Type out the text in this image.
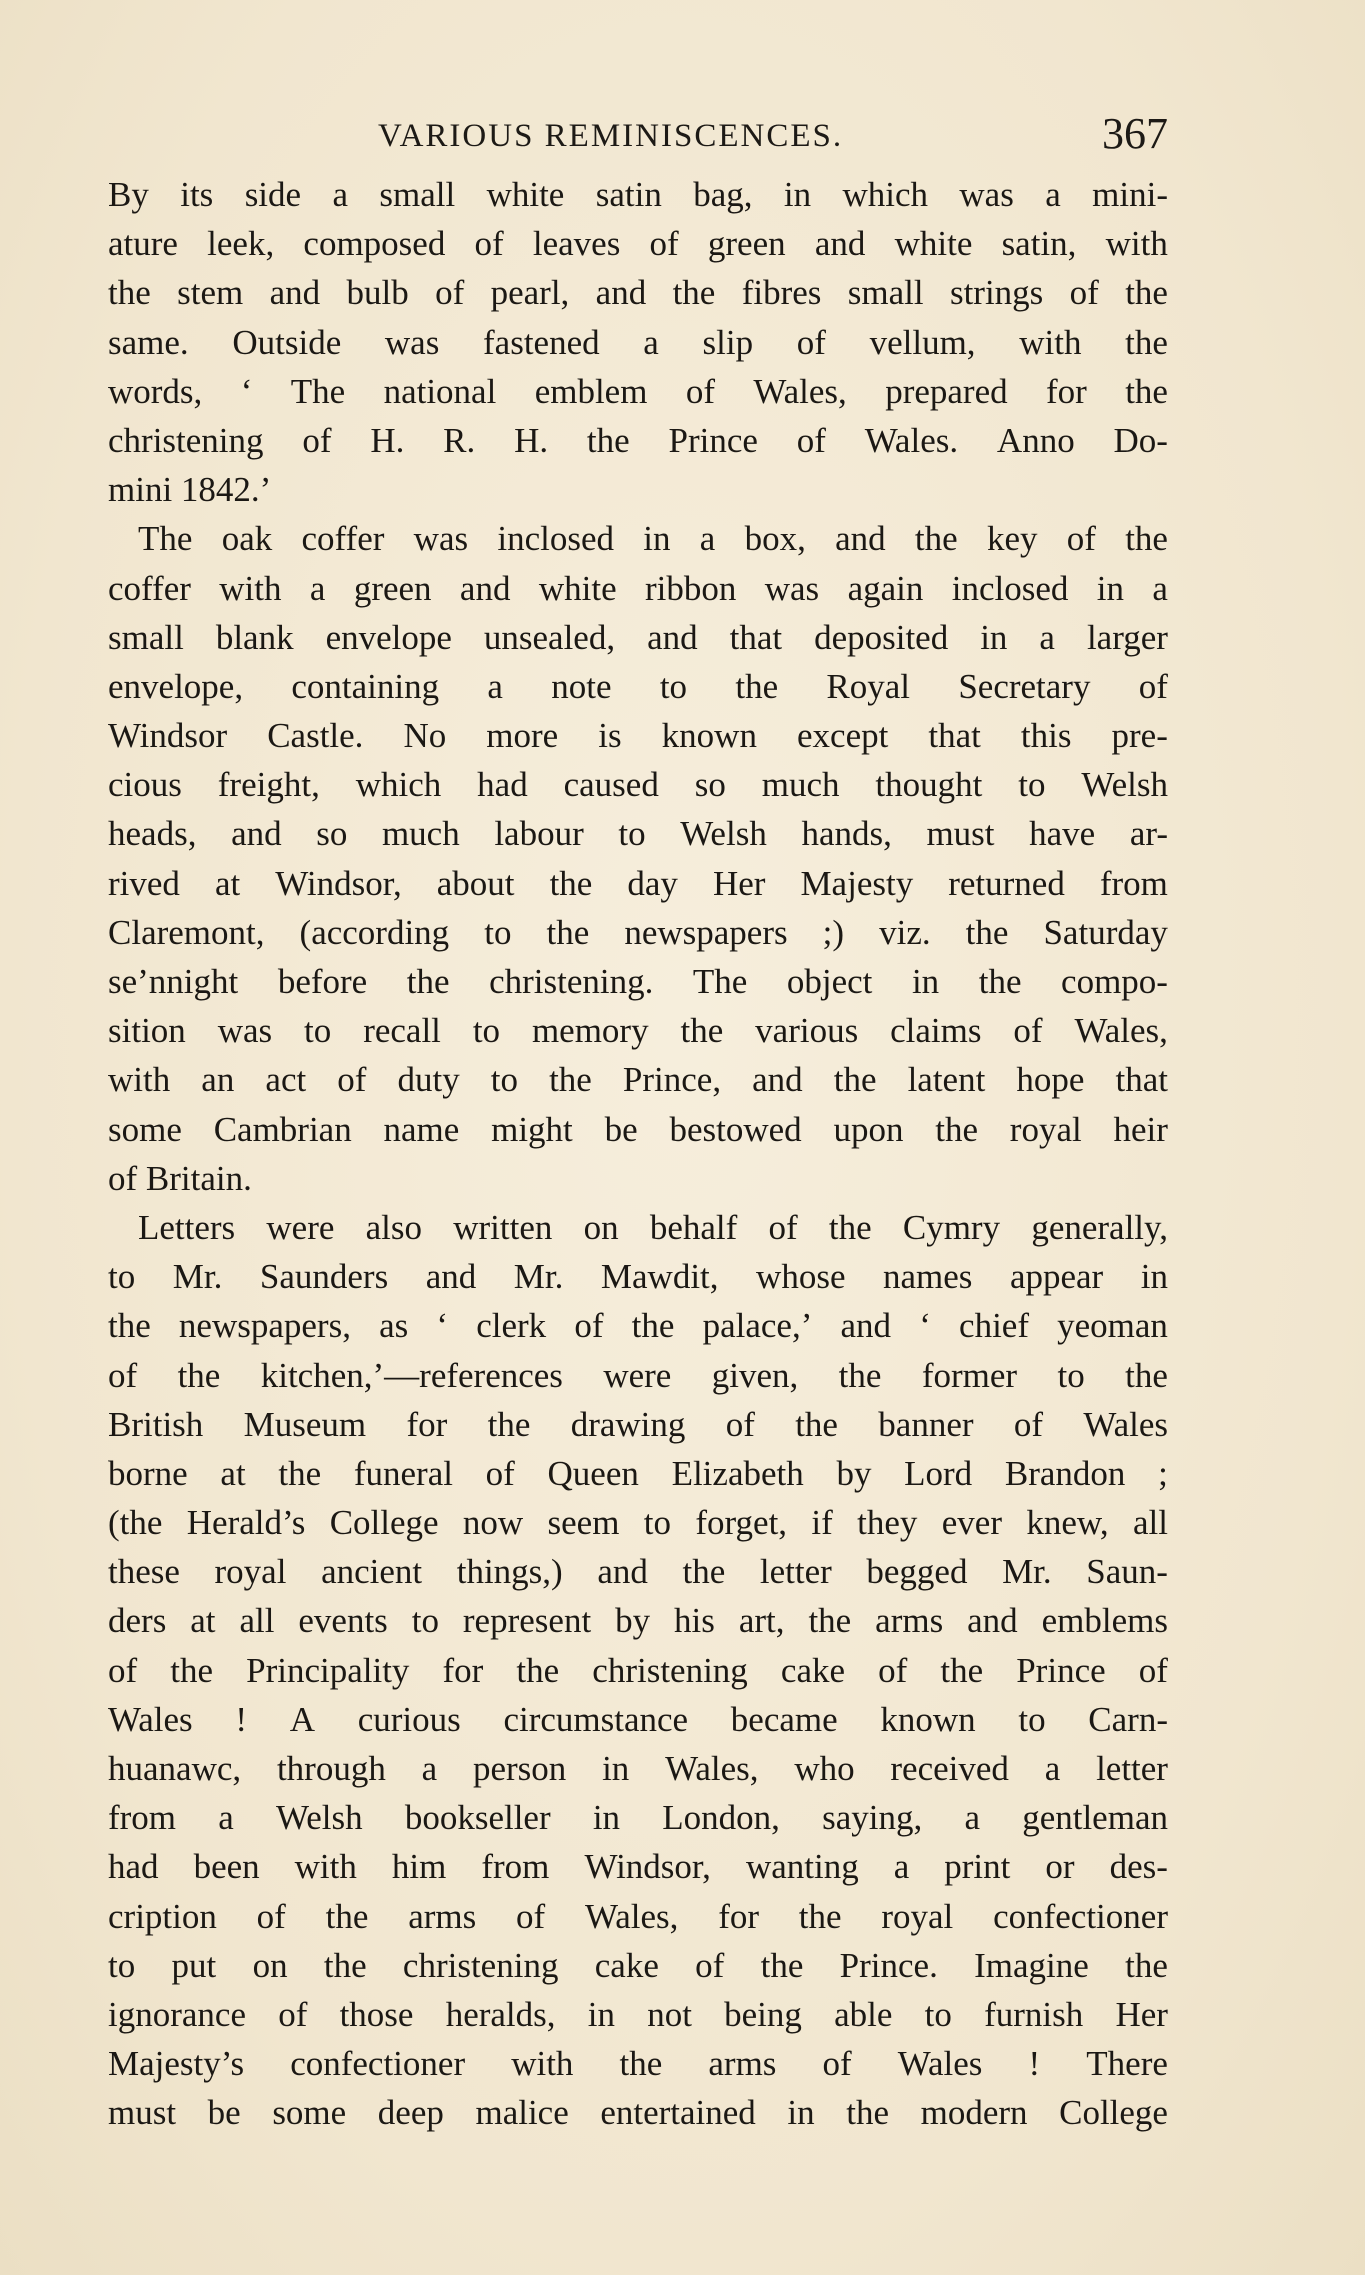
VARIOUS REMINISCENCES.	367
By its side a small white satin bag, in which was a mini-
ature leek, composed of leaves of green and white satin, with
the stem and bulb of pearl, and the fibres small strings of the
same. Outside was fastened a slip of vellum, with the
words, ‘ The national emblem of Wales, prepared for the
christening of H. R. H. the Prince of Wales. Anno Do-
mini 1842.’
The oak coffer was inclosed in a box, and the key of the
coffer with a green and white ribbon was again inclosed in a
small blank envelope unsealed, and that deposited in a larger
envelope, containing a note to the Royal Secretary of
Windsor Castle. No more is known except that this pre-
cious freight, which had caused so much thought to Welsh
heads, and so much labour to Welsh hands, must have ar-
rived at Windsor, about the day Her Majesty returned from
Claremont, (according to the newspapers ;) viz. the Saturday
se’nnight before the christening. The object in the compo-
sition was to recall to memory the various claims of Wales,
with an act of duty to the Prince, and the latent hope that
some Cambrian name might be bestowed upon the royal heir
of Britain.
Letters were also written on behalf of the Cymry generally,
to Mr. Saunders and Mr. Mawdit, whose names appear in
the newspapers, as ‘ clerk of the palace,’ and ‘ chief yeoman
of the kitchen,’—references were given, the former to the
British Museum for the drawing of the banner of Wales
borne at the funeral of Queen Elizabeth by Lord Brandon ;
(the Herald’s College now seem to forget, if they ever knew, all
these royal ancient things,) and the letter begged Mr. Saun-
ders at all events to represent by his art, the arms and emblems
of the Principality for the christening cake of the Prince of
Wales ! A curious circumstance became known to Carn-
huanawc, through a person in Wales, who received a letter
from a Welsh bookseller in London, saying, a gentleman
had been with him from Windsor, wanting a print or des-
cription of the arms of Wales, for the royal confectioner
to put on the christening cake of the Prince. Imagine the
ignorance of those heralds, in not being able to furnish Her
Majesty’s confectioner with the arms of Wales ! There
must be some deep malice entertained in the modern College
